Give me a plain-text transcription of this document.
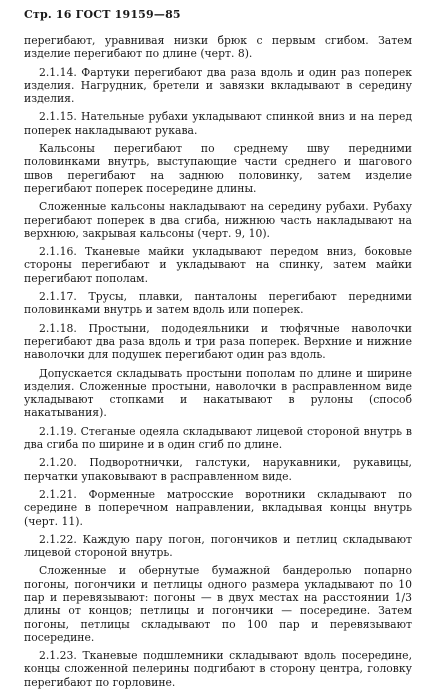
Стр. 16 ГОСТ 19159—85

перегибают, уравнивая низки брюк с первым сгибом. Затем изделие перегибают по длине (черт. 8).

2.1.14. Фартуки перегибают два раза вдоль и один раз поперек изделия. Нагрудник, бретели и завязки вкладывают в середину изделия.

2.1.15. Нательные рубахи укладывают спинкой вниз и на перед поперек накладывают рукава.

Кальсоны перегибают по среднему шву передними половинками внутрь, выступающие части среднего и шагового швов перегибают на заднюю половинку, затем изделие перегибают поперек посередине длины.

Сложенные кальсоны накладывают на середину рубахи. Рубаху перегибают поперек в два сгиба, нижнюю часть накладывают на верхнюю, закрывая кальсоны (черт. 9, 10).

2.1.16. Тканевые майки укладывают передом вниз, боковые стороны перегибают и укладывают на спинку, затем майки перегибают пополам.

2.1.17. Трусы, плавки, панталоны перегибают передними половинками внутрь и затем вдоль или поперек.

2.1.18. Простыни, пододеяльники и тюфячные наволочки перегибают два раза вдоль и три раза поперек. Верхние и нижние наволочки для подушек перегибают один раз вдоль.

Допускается складывать простыни пополам по длине и ширине изделия. Сложенные простыни, наволочки в расправленном виде укладывают стопками и накатывают в рулоны (способ накатывания).

2.1.19. Стеганые одеяла складывают лицевой стороной внутрь в два сгиба по ширине и в один сгиб по длине.

2.1.20. Подворотнички, галстуки, нарукавники, рукавицы, перчатки упаковывают в расправленном виде.

2.1.21. Форменные матросские воротники складывают по середине в поперечном направлении, вкладывая концы внутрь (черт. 11).

2.1.22. Каждую пару погон, погончиков и петлиц складывают лицевой стороной внутрь.

Сложенные и обернутые бумажной бандеролью попарно погоны, погончики и петлицы одного размера укладывают по 10 пар и перевязывают: погоны — в двух местах на расстоянии 1/3 длины от концов; петлицы и погончики — посередине. Затем погоны, петлицы складывают по 100 пар и перевязывают посередине.

2.1.23. Тканевые подшлемники складывают вдоль посередине, концы сложенной пелерины подгибают в сторону центра, головку перегибают по горловине.
